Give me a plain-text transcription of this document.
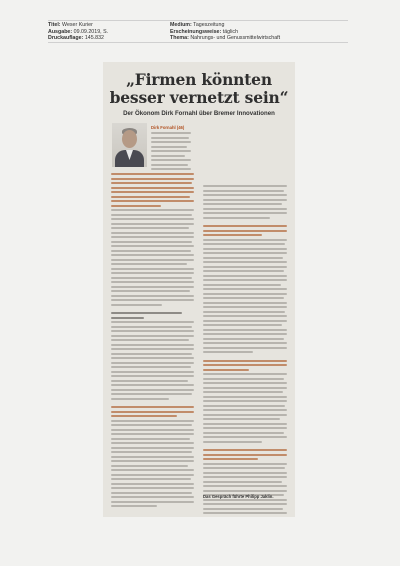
Titel: Weser Kurier
Ausgabe: 09.09.2019, S.
Druckauflage: 145.832
Medium: Tageszeitung
Erscheinungsweise: täglich
Thema: Nahrungs- und Genussmittelwirtschaft
„Firmen könnten
besser vernetzt sein“
Der Ökonom Dirk Fornahl über Bremer Innovationen
Dirk Fornahl (46)
Das Gespräch führte Philipp Jaklin.
